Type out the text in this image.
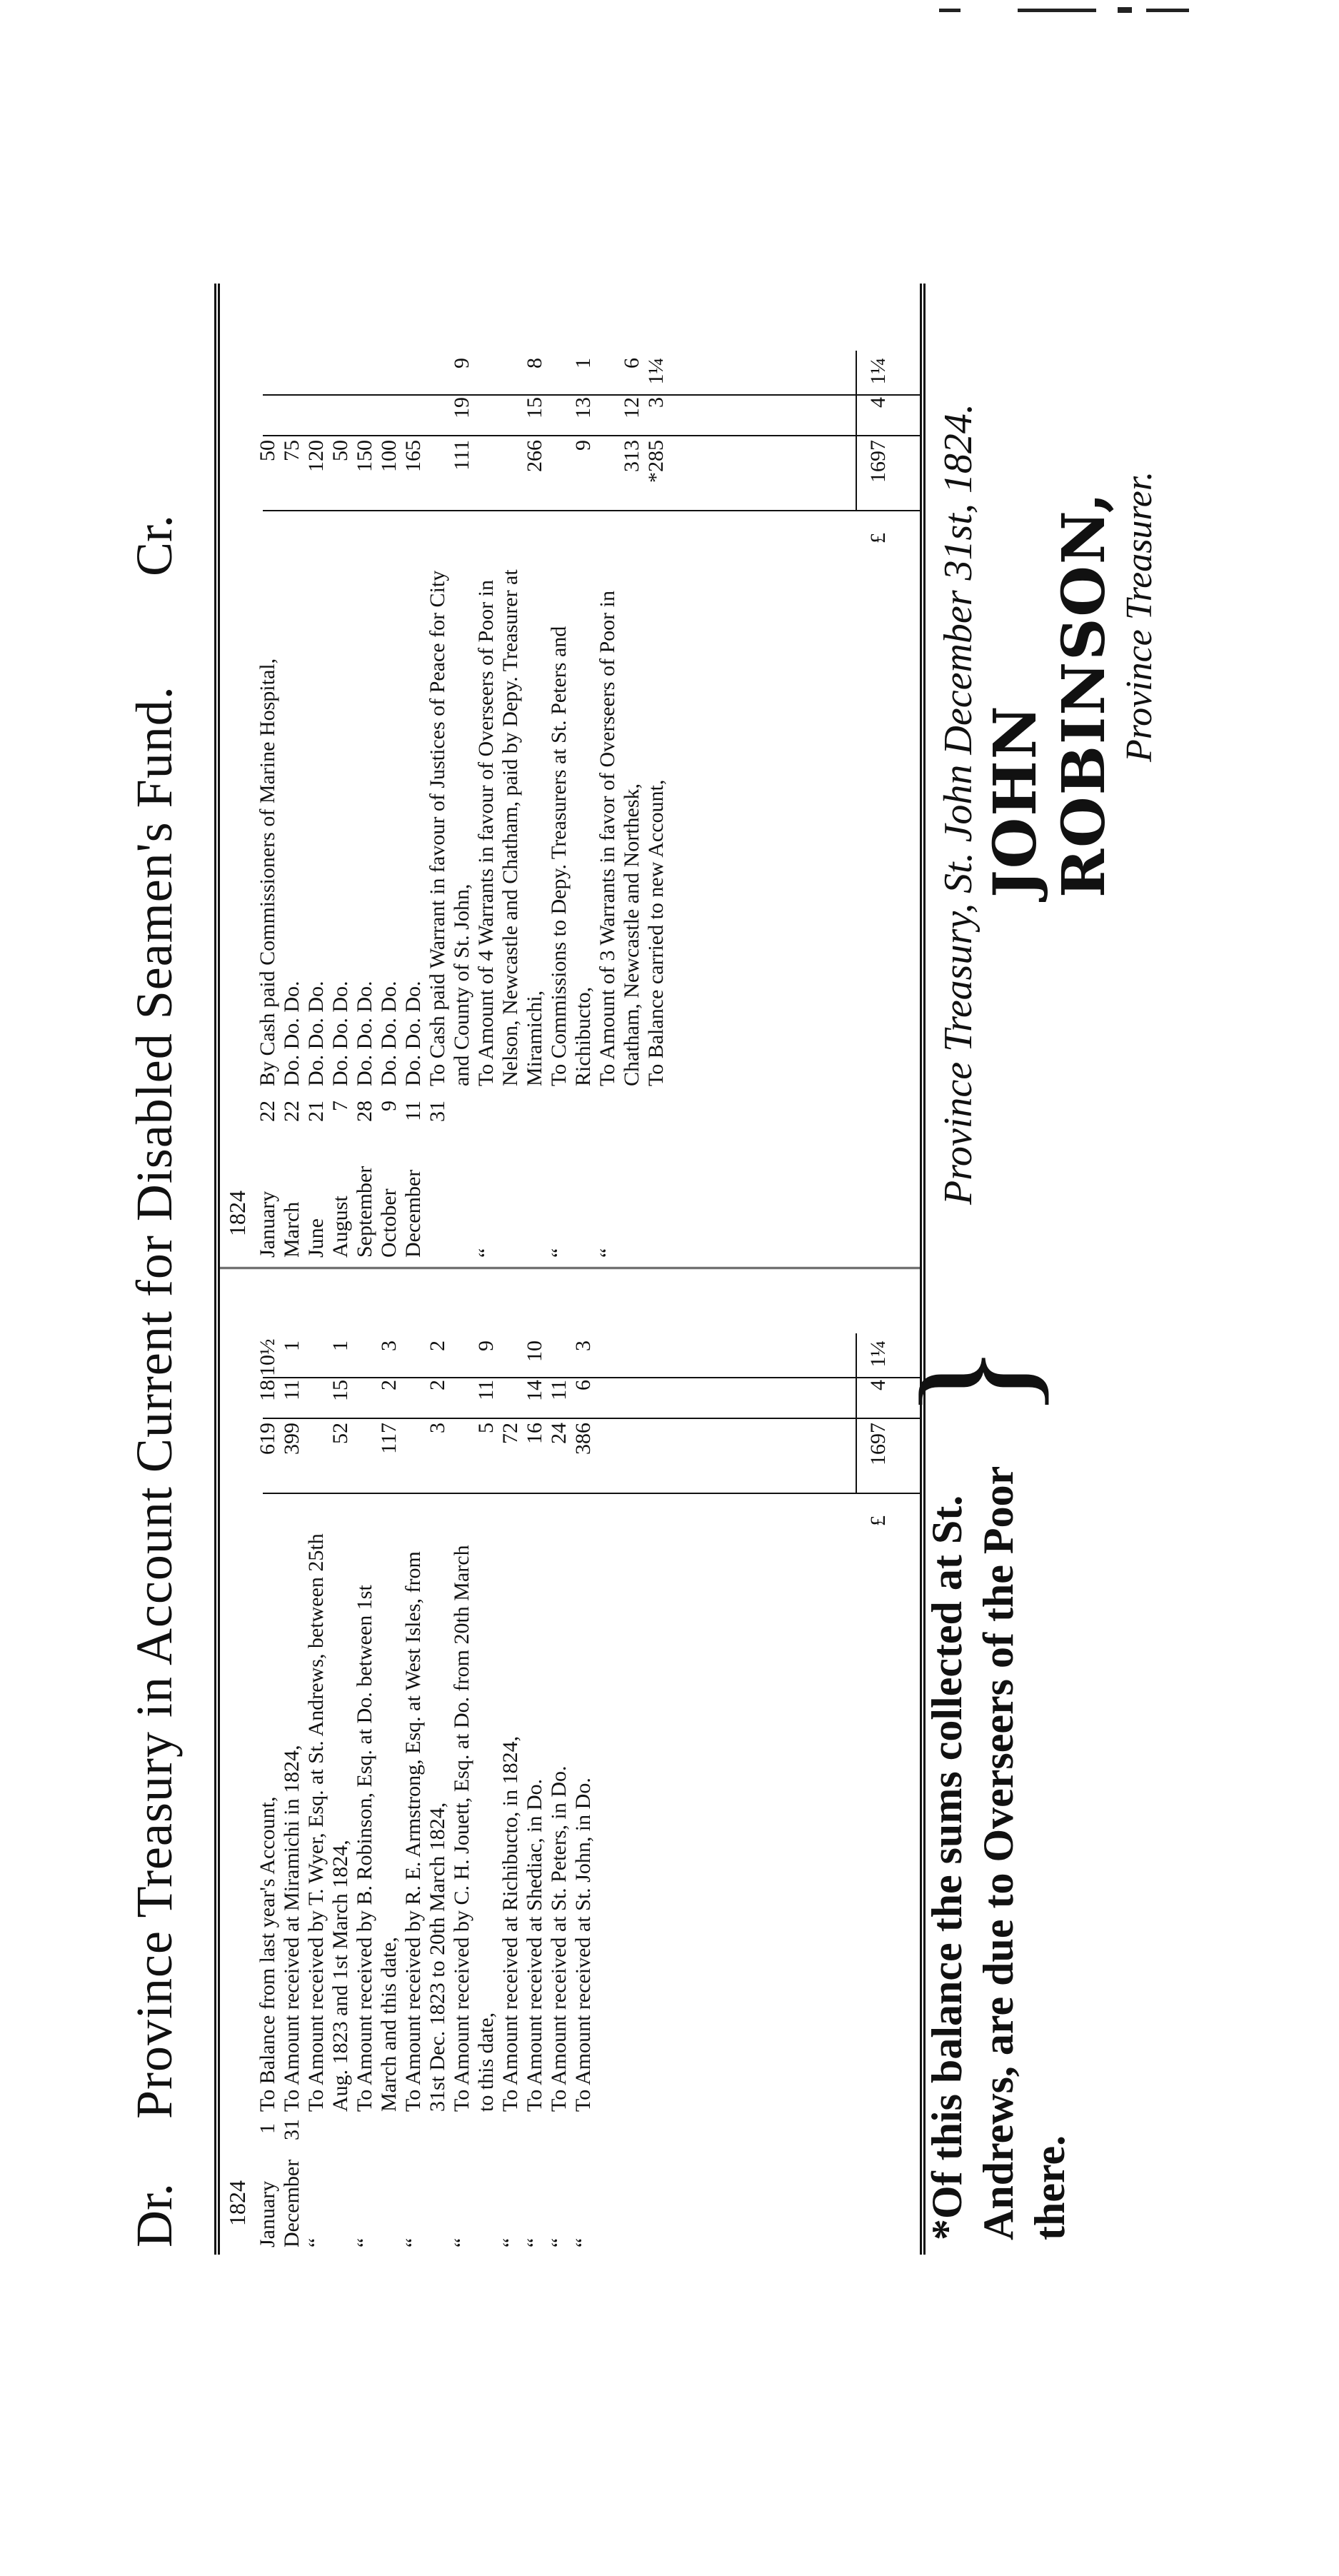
Dr.
Province Treasury in Account Current for Disabled Seamen's Fund.
Cr.
1824 January
1
To Balance from last year's Account,
619
18
10½
December
31
To Amount received at Miramichi in 1824,
399
11
1
“
To Amount received by T. Wyer, Esq. at St. Andrews, between 25th Aug. 1823 and 1st March 1824,
52
15
1
“
To Amount received by B. Robinson, Esq. at Do. between 1st March and this date,
117
2
3
“
To Amount received by R. E. Armstrong, Esq. at West Isles, from 31st Dec. 1823 to 20th March 1824,
3
2
2
“
To Amount received by C. H. Jouett, Esq. at Do. from 20th March to this date,
5
11
9
“
To Amount received at Richibucto, in 1824,
72
“
To Amount received at Shediac, in Do.
16
14
10
“
To Amount received at St. Peters, in Do.
24
11
“
To Amount received at St. John, in Do.
386
6
3
£
1697
4
1¼
1824 January
22
By Cash paid Commissioners of Marine Hospital,
50
March
22
Do. Do. Do.
75
June
21
Do. Do. Do.
120
August
7
Do. Do. Do.
50
September
28
Do. Do. Do.
150
October
9
Do. Do. Do.
100
December
11
Do. Do. Do.
165
31
To Cash paid Warrant in favour of Justices of Peace for City and County of St. John,
111
19
9
“
To Amount of 4 Warrants in favour of Overseers of Poor in Nelson, Newcastle and Chatham, paid by Depy. Treasurer at Miramichi,
266
15
8
“
To Commissions to Depy. Treasurers at St. Peters and Richibucto,
9
13
1
“
To Amount of 3 Warrants in favor of Overseers of Poor in Chatham, Newcastle and Northesk,
313
12
6
To Balance carried to new Account,
*285
3
1¼
£
1697
4
1¼
*Of this balance the sums collected at St. Andrews, are due to Overseers of the Poor there.
}
Province Treasury, St. John December 31st, 1824. JOHN ROBINSON, Province Treasurer.
